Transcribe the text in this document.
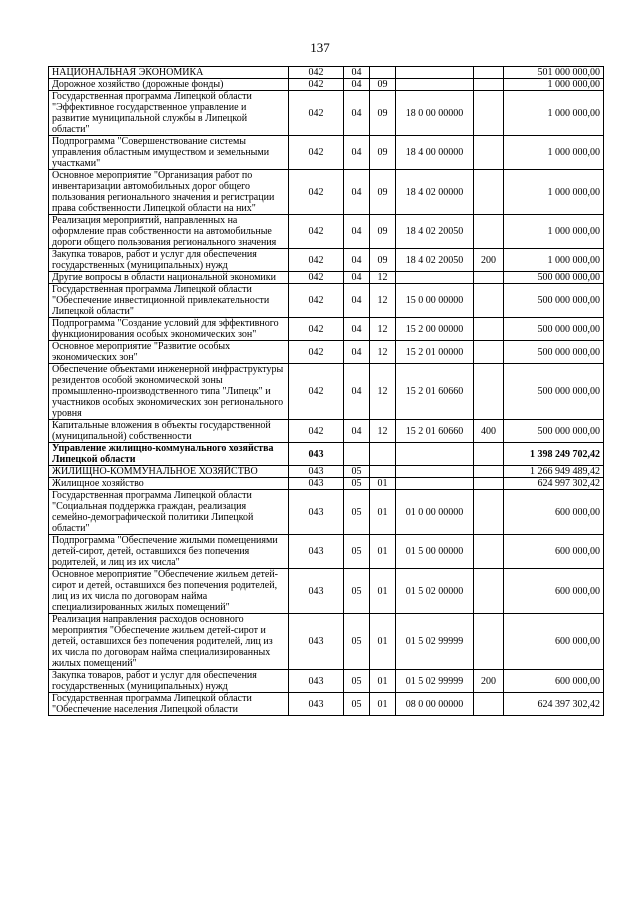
137
НАЦИОНАЛЬНАЯ ЭКОНОМИКА	042	04				501 000 000,00
Дорожное хозяйство (дорожные фонды)	042	04	09			1 000 000,00
Государственная программа Липецкой области "Эффективное государственное управление и развитие муниципальной службы в Липецкой области"	042	04	09	18 0 00 00000		1 000 000,00
Подпрограмма "Совершенствование системы управления областным имуществом и земельными участками"	042	04	09	18 4 00 00000		1 000 000,00
Основное мероприятие "Организация работ по инвентаризации автомобильных дорог общего пользования регионального значения и регистрации права собственности Липецкой области на них"	042	04	09	18 4 02 00000		1 000 000,00
Реализация мероприятий, направленных на оформление прав собственности на автомобильные дороги общего пользования регионального значения	042	04	09	18 4 02 20050		1 000 000,00
Закупка товаров, работ и услуг для обеспечения государственных (муниципальных) нужд	042	04	09	18 4 02 20050	200	1 000 000,00
Другие вопросы в области национальной экономики	042	04	12			500 000 000,00
Государственная программа Липецкой области "Обеспечение инвестиционной привлекательности Липецкой области"	042	04	12	15 0 00 00000		500 000 000,00
Подпрограмма "Создание условий для эффективного функционирования особых экономических зон"	042	04	12	15 2 00 00000		500 000 000,00
Основное мероприятие "Развитие особых экономических зон"	042	04	12	15 2 01 00000		500 000 000,00
Обеспечение объектами инженерной инфраструктуры резидентов особой экономической зоны промышленно-производственного типа "Липецк" и участников особых экономических зон регионального уровня	042	04	12	15 2 01 60660		500 000 000,00
Капитальные вложения в объекты государственной (муниципальной) собственности	042	04	12	15 2 01 60660	400	500 000 000,00
Управление жилищно-коммунального хозяйства Липецкой области	043					1 398 249 702,42
ЖИЛИЩНО-КОММУНАЛЬНОЕ ХОЗЯЙСТВО	043	05				1 266 949 489,42
Жилищное хозяйство	043	05	01			624 997 302,42
Государственная программа Липецкой области "Социальная поддержка граждан, реализация семейно-демографической политики Липецкой области"	043	05	01	01 0 00 00000		600 000,00
Подпрограмма "Обеспечение жилыми помещениями детей-сирот, детей, оставшихся без попечения родителей, и лиц из их числа"	043	05	01	01 5 00 00000		600 000,00
Основное мероприятие "Обеспечение жильем детей-сирот и детей, оставшихся без попечения родителей, лиц из их числа по договорам найма специализированных жилых помещений"	043	05	01	01 5 02 00000		600 000,00
Реализация направления расходов основного мероприятия "Обеспечение жильем детей-сирот и детей, оставшихся без попечения родителей, лиц из их числа по договорам найма специализированных жилых помещений"	043	05	01	01 5 02 99999		600 000,00
Закупка товаров, работ и услуг для обеспечения государственных (муниципальных) нужд	043	05	01	01 5 02 99999	200	600 000,00
Государственная программа Липецкой области "Обеспечение населения Липецкой области	043	05	01	08 0 00 00000		624 397 302,42
